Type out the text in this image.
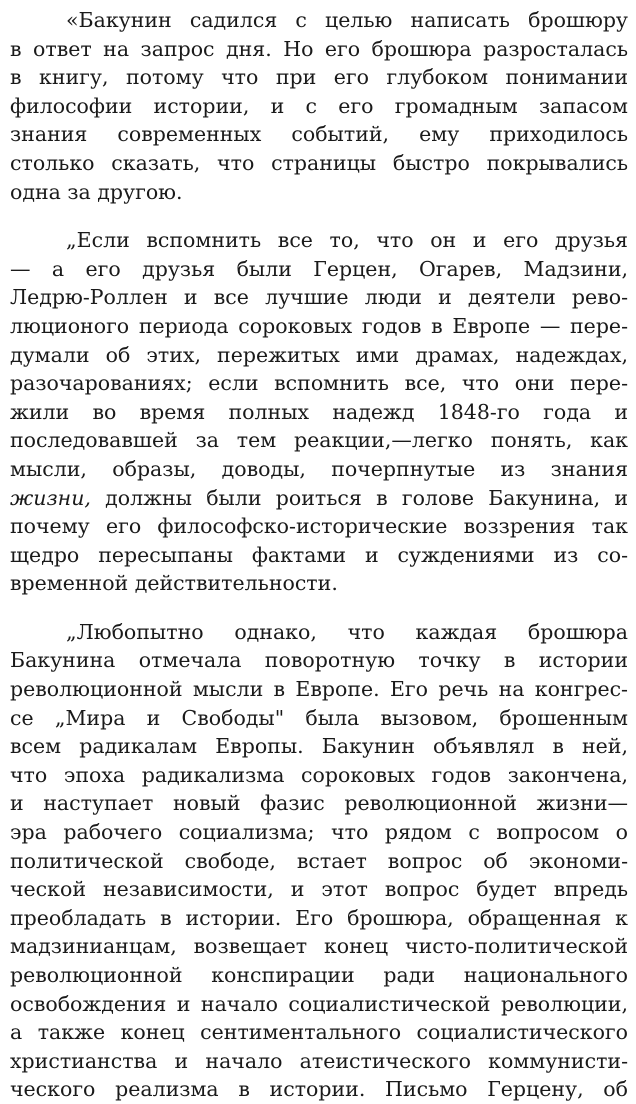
«Бакунин садился с целью написать брошюру
в ответ на запрос дня. Но его брошюра разросталась
в книгу, потому что при его глубоком понимании
философии истории, и с его громадным запасом
знания современных событий, ему приходилось
столько сказать, что страницы быстро покрывались
одна за другою.

„Если вспомнить все то, что он и его друзья
— а его друзья были Герцен, Огарев, Мадзини,
Ледрю-Роллен и все лучшие люди и деятели рево-
люционого периода сороковых годов в Европе — пере-
думали об этих, пережитых ими драмах, надеждах,
разочарованиях; если вспомнить все, что они пере-
жили во время полных надежд 1848-го года и
последовавшей за тем реакции,—легко понять, как
мысли, образы, доводы, почерпнутые из знания
жизни, должны были роиться в голове Бакунина, и
почему его философско-исторические воззрения так
щедро пересыпаны фактами и суждениями из со-
временной действительности.

„Любопытно однако, что каждая брошюра
Бакунина отмечала поворотную точку в истории
революционной мысли в Европе. Его речь на конгрес-
се „Мира и Свободы" была вызовом, брошенным
всем радикалам Европы. Бакунин объявлял в ней,
что эпоха радикализма сороковых годов закончена,
и наступает новый фазис революционной жизни—
эра рабочего социализма; что рядом с вопросом о
политической свободе, встает вопрос об экономи-
ческой независимости, и этот вопрос будет впредь
преобладать в истории. Его брошюра, обращенная к
мадзинианцам, возвещает конец чисто-политической
революционной конспирации ради национального
освобождения и начало социалистической революции,
а также конец сентиментального социалистического
христианства и начало атеистического коммунисти-
ческого реализма в истории. Письмо Герцену, об
